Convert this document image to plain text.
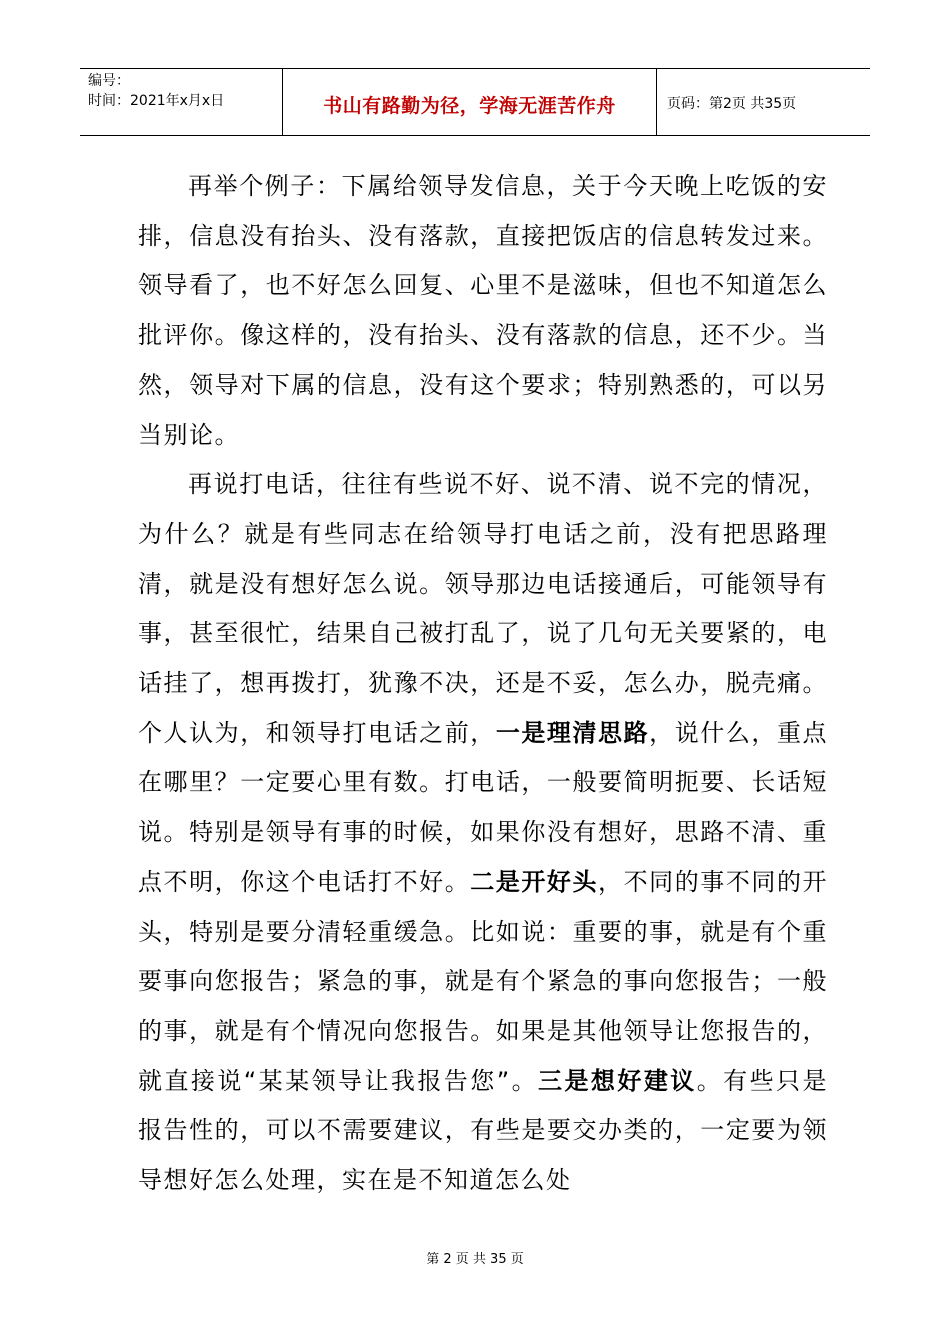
编号：
时间：2021年x月x日	书山有路勤为径，学海无涯苦作舟	页码：第2页 共35页

再举个例子：下属给领导发信息，关于今天晚上吃饭的安排，信息没有抬头、没有落款，直接把饭店的信息转发过来。领导看了，也不好怎么回复、心里不是滋味，但也不知道怎么批评你。像这样的，没有抬头、没有落款的信息，还不少。当然，领导对下属的信息，没有这个要求；特别熟悉的，可以另当别论。

再说打电话，往往有些说不好、说不清、说不完的情况，为什么？就是有些同志在给领导打电话之前，没有把思路理清，就是没有想好怎么说。领导那边电话接通后，可能领导有事，甚至很忙，结果自己被打乱了，说了几句无关要紧的，电话挂了，想再拨打，犹豫不决，还是不妥，怎么办，脱壳痛。个人认为，和领导打电话之前，一是理清思路，说什么，重点在哪里？一定要心里有数。打电话，一般要简明扼要、长话短说。特别是领导有事的时候，如果你没有想好，思路不清、重点不明，你这个电话打不好。二是开好头，不同的事不同的开头，特别是要分清轻重缓急。比如说：重要的事，就是有个重要事向您报告；紧急的事，就是有个紧急的事向您报告；一般的事，就是有个情况向您报告。如果是其他领导让您报告的，就直接说“某某领导让我报告您”。三是想好建议。有些只是报告性的，可以不需要建议，有些是要交办类的，一定要为领导想好怎么处理，实在是不知道怎么处

第 2 页 共 35 页
